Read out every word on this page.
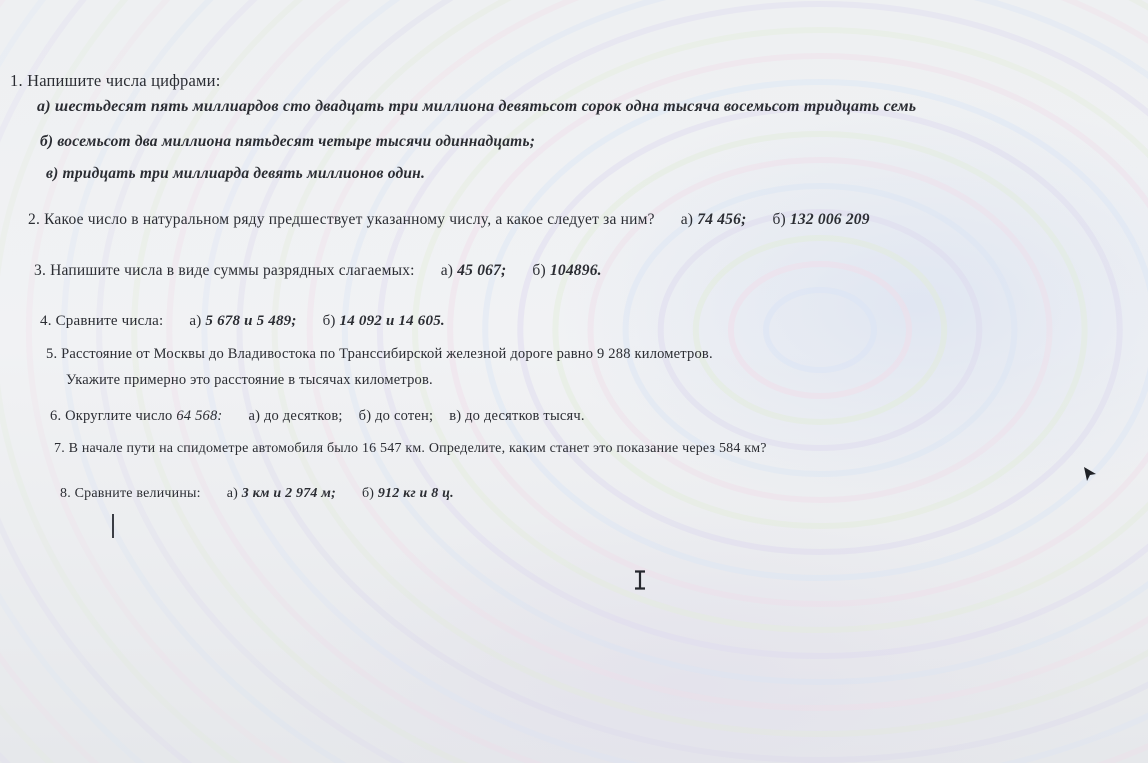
1. Напишите числа цифрами:
а) шестьдесят пять миллиардов сто двадцать три миллиона девятьсот сорок одна тысяча восемьсот тридцать семь
б) восемьсот два миллиона пятьдесят четыре тысячи одиннадцать;
в) тридцать три миллиарда девять миллионов один.
2. Какое число в натуральном ряду предшествует указанному числу, а какое следует за ним? а) 74 456; б) 132 006 209
3. Напишите числа в виде суммы разрядных слагаемых: а) 45 067; б) 104896.
4. Сравните числа: а) 5 678 и 5 489; б) 14 092 и 14 605.
5. Расстояние от Москвы до Владивостока по Транссибирской железной дороге равно 9 288 километров.
Укажите примерно это расстояние в тысячах километров.
6. Округлите число 64 568: а) до десятков; б) до сотен; в) до десятков тысяч.
7. В начале пути на спидометре автомобиля было 16 547 км. Определите, каким станет это показание через 584 км?
8. Сравните величины: а) 3 км и 2 974 м; б) 912 кг и 8 ц.
